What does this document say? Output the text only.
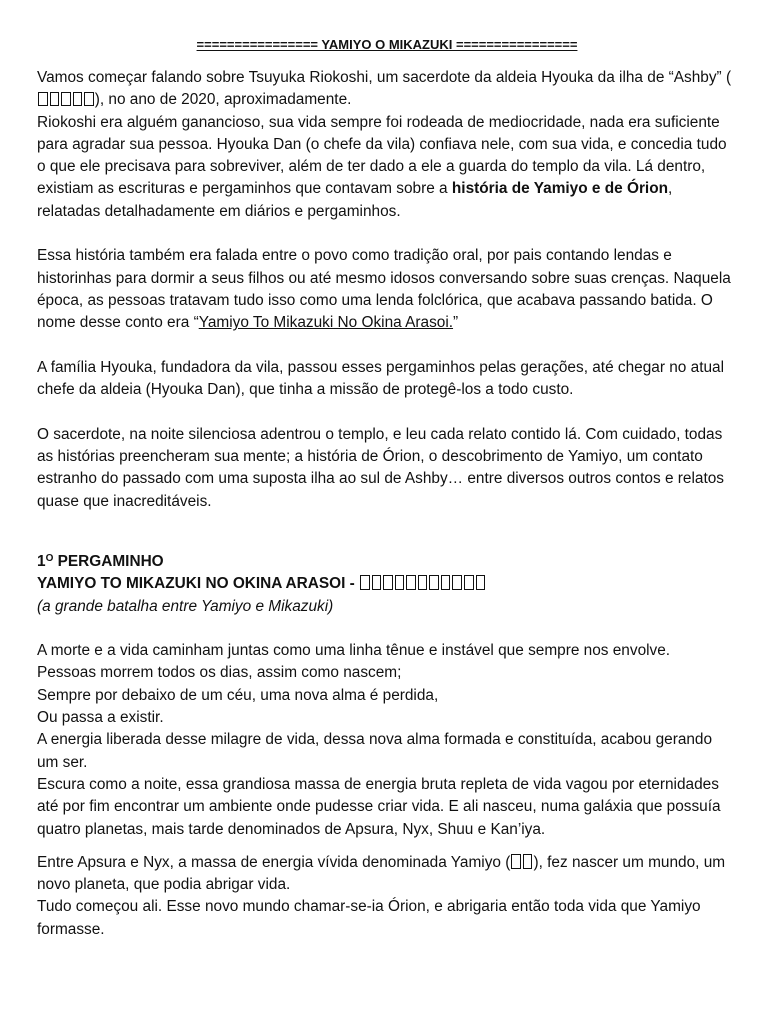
================ YAMIYO O MIKAZUKI ================

Vamos começar falando sobre Tsuyuka Riokoshi, um sacerdote da aldeia Hyouka da ilha de “Ashby” (), no ano de 2020, aproximadamente.

Riokoshi era alguém ganancioso, sua vida sempre foi rodeada de mediocridade, nada era suficiente para agradar sua pessoa. Hyouka Dan (o chefe da vila) confiava nele, com sua vida, e concedia tudo o que ele precisava para sobreviver, além de ter dado a ele a guarda do templo da vila. Lá dentro, existiam as escrituras e pergaminhos que contavam sobre a história de Yamiyo e de Órion, relatadas detalhadamente em diários e pergaminhos.

Essa história também era falada entre o povo como tradição oral, por pais contando lendas e historinhas para dormir a seus filhos ou até mesmo idosos conversando sobre suas crenças. Naquela época, as pessoas tratavam tudo isso como uma lenda folclórica, que acabava passando batida. O nome desse conto era “Yamiyo To Mikazuki No Okina Arasoi.”

A família Hyouka, fundadora da vila, passou esses pergaminhos pelas gerações, até chegar no atual chefe da aldeia (Hyouka Dan), que tinha a missão de protegê-los a todo custo.

O sacerdote, na noite silenciosa adentrou o templo, e leu cada relato contido lá. Com cuidado, todas as histórias preencheram sua mente; a história de Órion, o descobrimento de Yamiyo, um contato estranho do passado com uma suposta ilha ao sul de Ashby… entre diversos outros contos e relatos quase que inacreditáveis.

$1^O$ PERGAMINHO

YAMIYO TO MIKAZUKI NO OKINA ARASOI -

(a grande batalha entre Yamiyo e Mikazuki)

A morte e a vida caminham juntas como uma linha tênue e instável que sempre nos envolve.

Pessoas morrem todos os dias, assim como nascem;

Sempre por debaixo de um céu, uma nova alma é perdida,

Ou passa a existir.

A energia liberada desse milagre de vida, dessa nova alma formada e constituída, acabou gerando um ser.

Escura como a noite, essa grandiosa massa de energia bruta repleta de vida vagou por eternidades até por fim encontrar um ambiente onde pudesse criar vida. E ali nasceu, numa galáxia que possuía quatro planetas, mais tarde denominados de Apsura, Nyx, Shuu e Kan’iya.

Entre Apsura e Nyx, a massa de energia vívida denominada Yamiyo ( ), fez nascer um mundo, um novo planeta, que podia abrigar vida.

Tudo começou ali. Esse novo mundo chamar-se-ia Órion, e abrigaria então toda vida que Yamiyo formasse.
